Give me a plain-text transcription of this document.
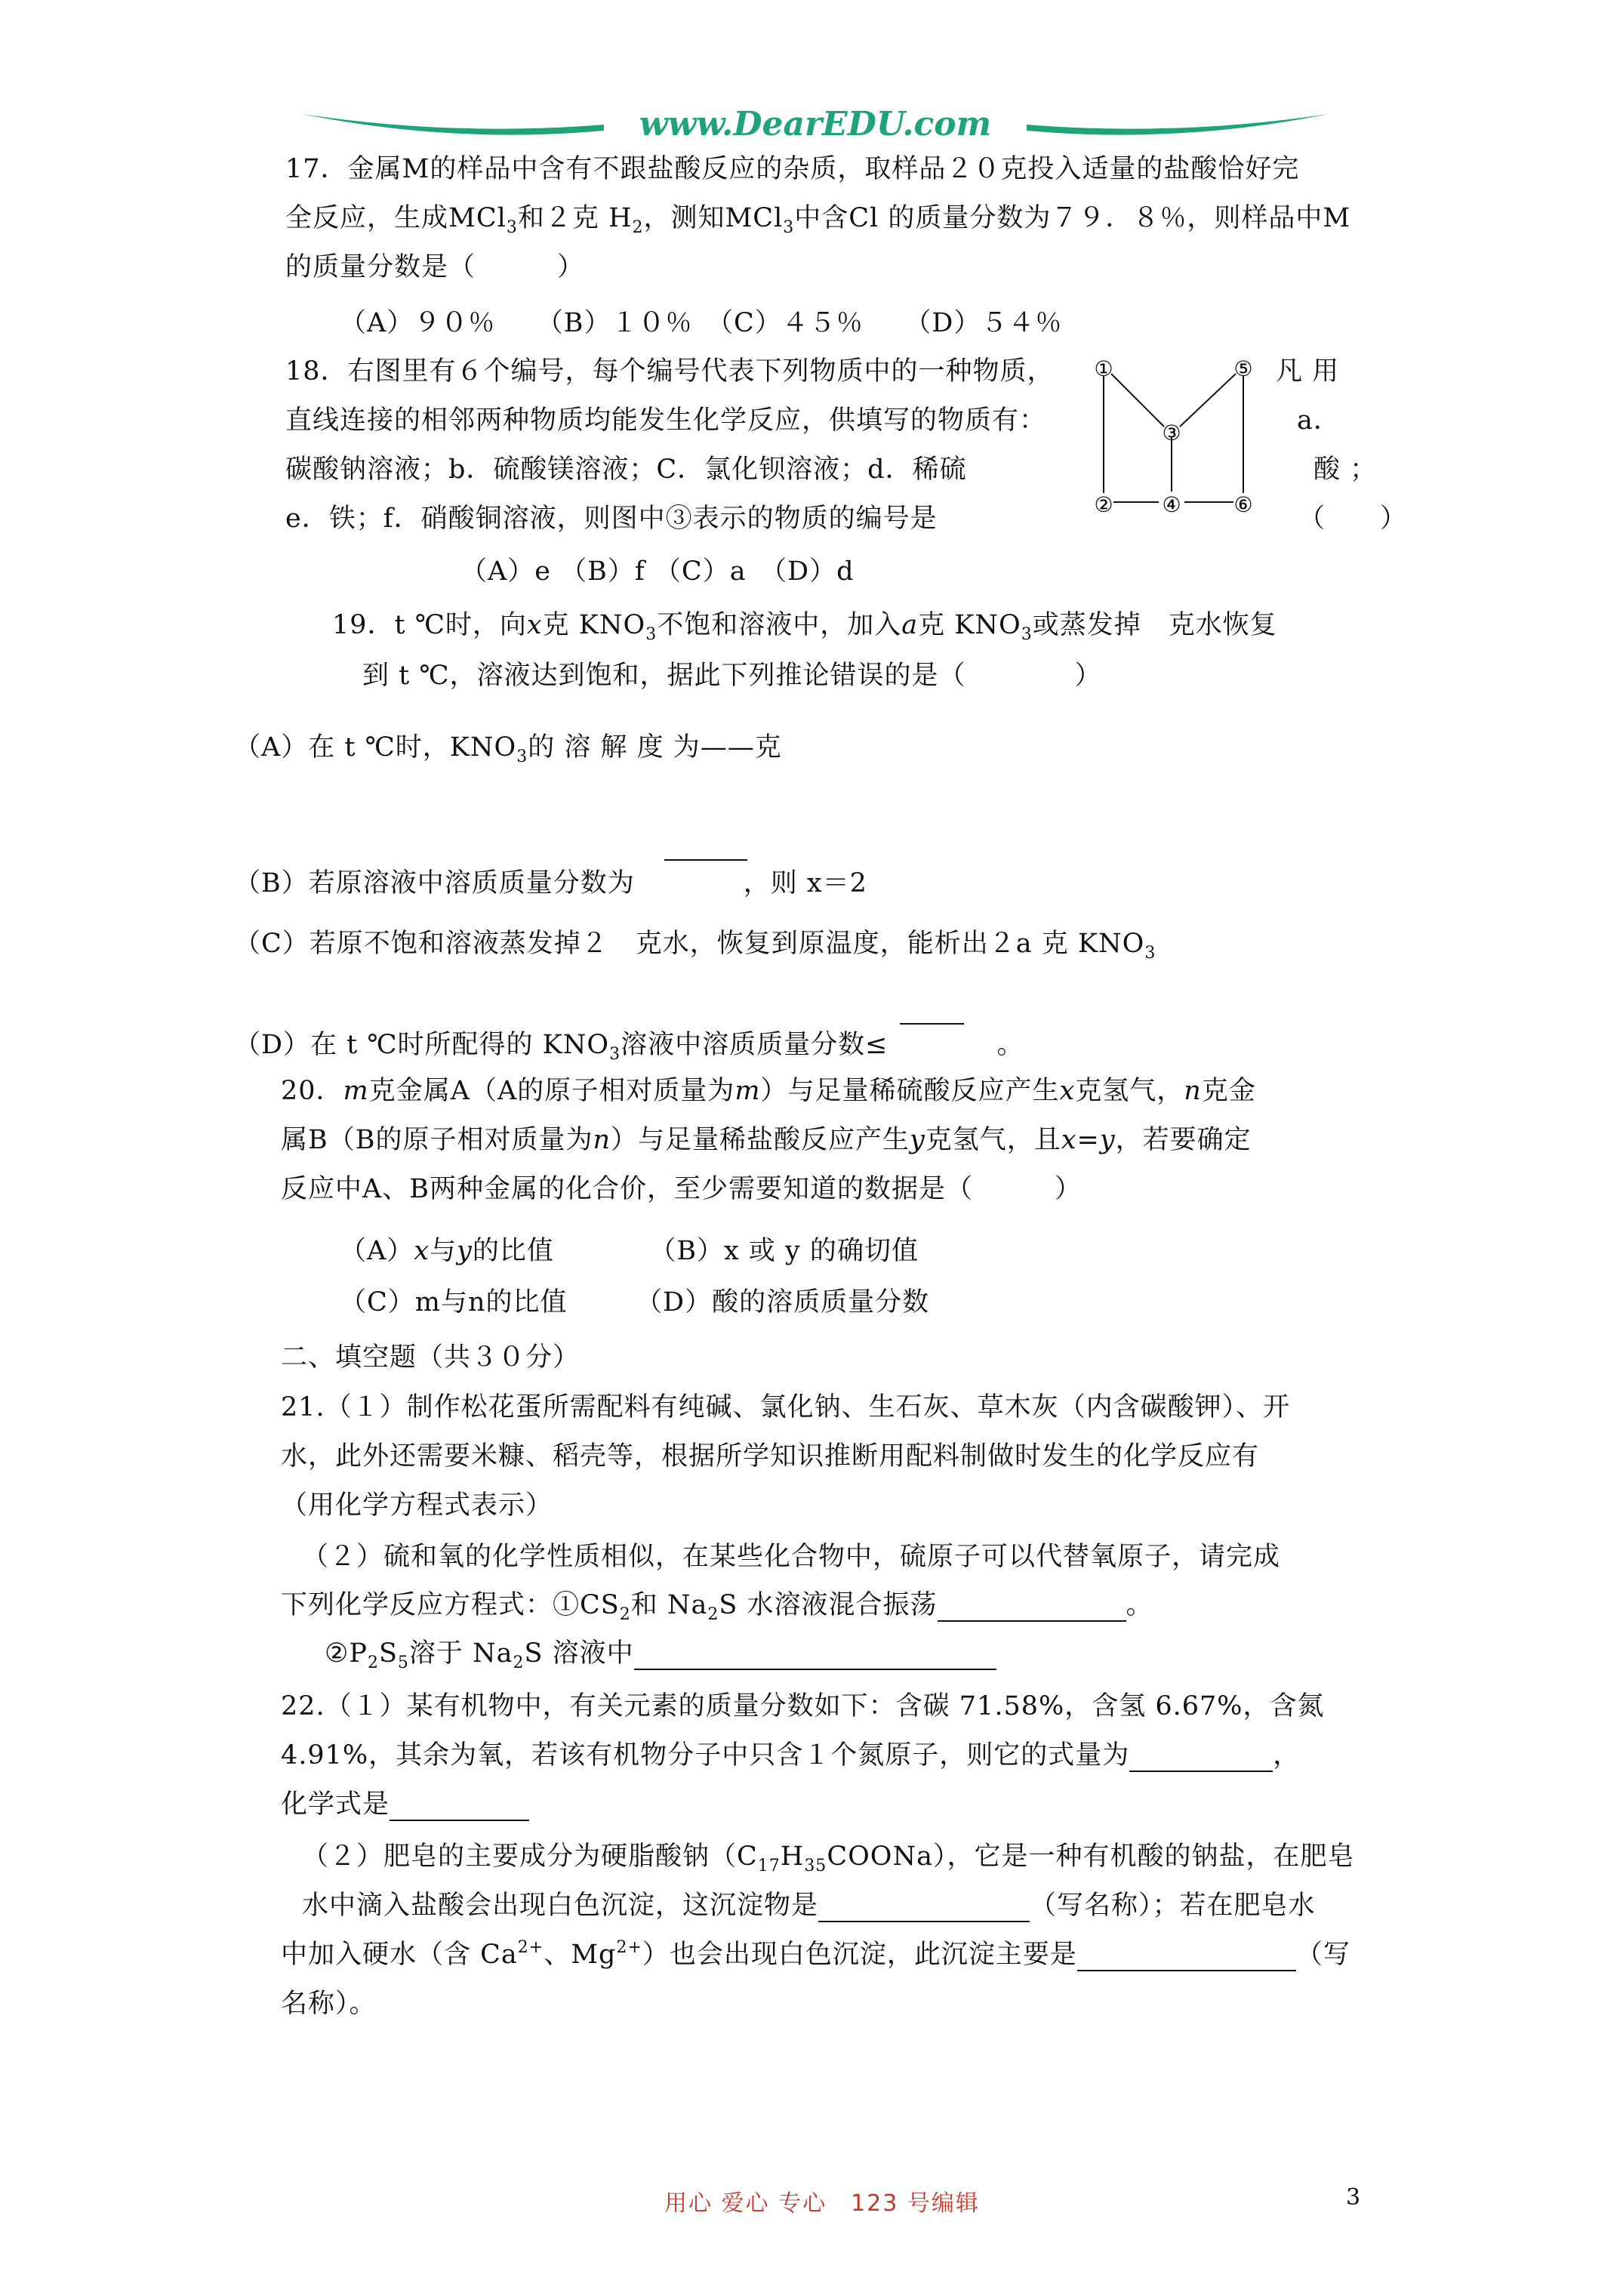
www.DearEDU.com
17．金属M的样品中含有不跟盐酸反应的杂质，取样品２０克投入适量的盐酸恰好完
全反应，生成MCl$_3$和２克 $H_2$，测知MCl$_3$中含Cl 的质量分数为７９．８％，则样品中M
的质量分数是（　　　）
（A）９０％　　（B）１０％　（C）４５％　　（D）５４％
18．右图里有６个编号，每个编号代表下列物质中的一种物质，
直线连接的相邻两种物质均能发生化学反应，供填写的物质有：
碳酸钠溶液；b．硫酸镁溶液；C．氯化钡溶液；d．稀硫
e．铁；f．硝酸铜溶液，则图中③表示的物质的编号是
（A）e （B）f （C）a　（D）d
凡 用
a．
酸 ；
（　　）
19．t ℃时，向x克 $KNO_3$不饱和溶液中，加入a克 $KNO_3$或蒸发掉　克水恢复
到 t ℃，溶液达到饱和，据此下列推论错误的是（　　　　）
（A）在 t ℃时，$KNO_3$的 溶 解 度 为——克
（B）若原溶液中溶质质量分数为　　　　，则 x＝2
（C）若原不饱和溶液蒸发掉２　克水，恢复到原温度，能析出２a 克 $KNO_3$
（D）在 t ℃时所配得的 $KNO_3$溶液中溶质质量分数≤　　　　。
20．m克金属A（A的原子相对质量为m）与足量稀硫酸反应产生x克氢气，n克金
属B（B的原子相对质量为n）与足量稀盐酸反应产生y克氢气，且x=y，若要确定
反应中A、B两种金属的化合价，至少需要知道的数据是（　　　）
（A）x与y的比值　　　　（B）x 或 y 的确切值
（C）m与n的比值　　　（D）酸的溶质质量分数
二、填空题（共３０分）
21.（１）制作松花蛋所需配料有纯碱、氯化钠、生石灰、草木灰（内含碳酸钾）、开
水，此外还需要米糠、稻壳等，根据所学知识推断用配料制做时发生的化学反应有
（用化学方程式表示）
（２）硫和氧的化学性质相似，在某些化合物中，硫原子可以代替氧原子，请完成
下列化学反应方程式：$①CS_2$和 $Na_2S$ 水溶液混合振荡	。
$②P_2S_5$溶于 $Na_2S$ 溶液中
22.（１）某有机物中，有关元素的质量分数如下：含碳 71.58%，含氢 6.67%，含氮
4.91%，其余为氧，若该有机物分子中只含１个氮原子，则它的式量为	，
化学式是
（２）肥皂的主要成分为硬脂酸钠$(C_{17}H_{35}COONa)$，它是一种有机酸的钠盐，在肥皂
水中滴入盐酸会出现白色沉淀，这沉淀物是	（写名称）；若在肥皂水
中加入硬水（含 $Ca^{2+}$、$Mg^{2+}$）也会出现白色沉淀，此沉淀主要是	（写
名称）。
①	⑤
③
② ④ ⑥
用心 爱心 专心　123 号编辑	3
